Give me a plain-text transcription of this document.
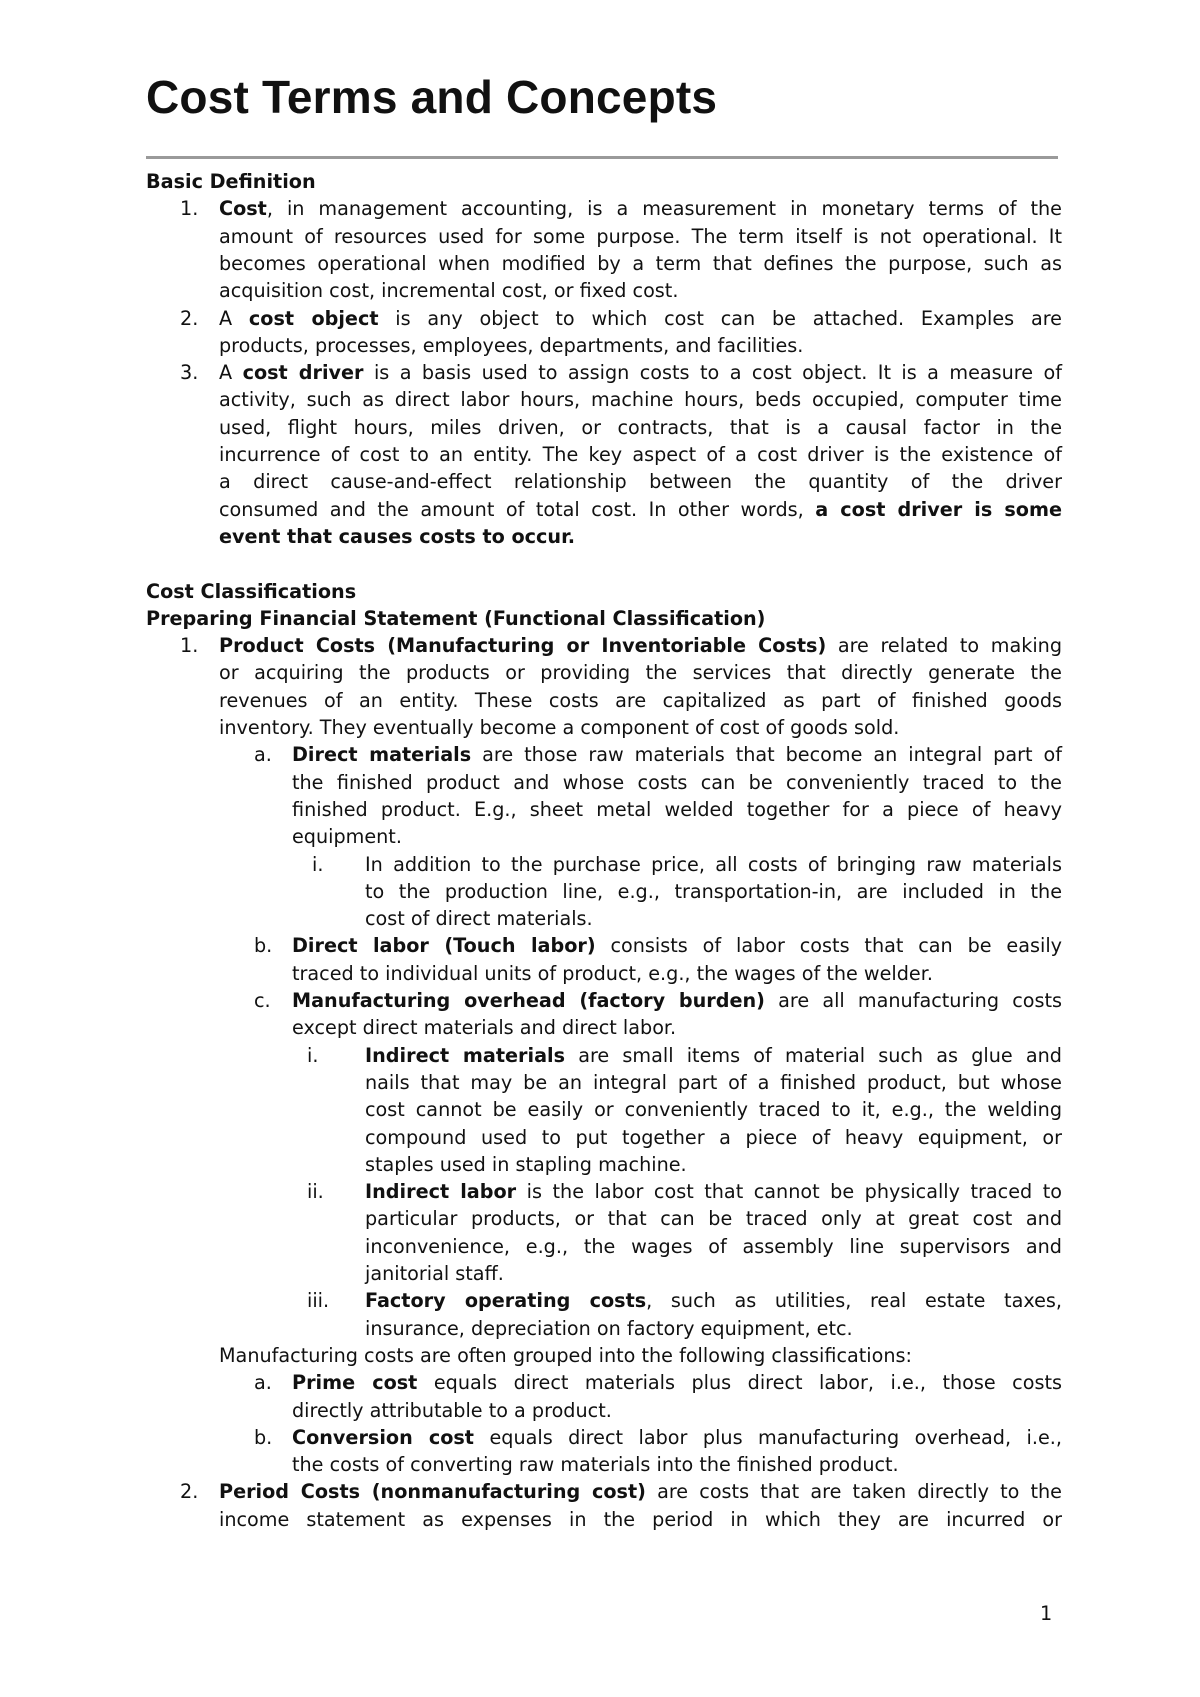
Cost Terms and Concepts
Basic Definition
1. Cost, in management accounting, is a measurement in monetary terms of the
amount of resources used for some purpose. The term itself is not operational. It
becomes operational when modified by a term that defines the purpose, such as
acquisition cost, incremental cost, or fixed cost.
2. A cost object is any object to which cost can be attached. Examples are
products, processes, employees, departments, and facilities.
3. A cost driver is a basis used to assign costs to a cost object. It is a measure of
activity, such as direct labor hours, machine hours, beds occupied, computer time
used, flight hours, miles driven, or contracts, that is a causal factor in the
incurrence of cost to an entity. The key aspect of a cost driver is the existence of
a direct cause-and-effect relationship between the quantity of the driver
consumed and the amount of total cost. In other words, a cost driver is some
event that causes costs to occur.
Cost Classifications
Preparing Financial Statement (Functional Classification)
1. Product Costs (Manufacturing or Inventoriable Costs) are related to making
or acquiring the products or providing the services that directly generate the
revenues of an entity. These costs are capitalized as part of finished goods
inventory. They eventually become a component of cost of goods sold.
a. Direct materials are those raw materials that become an integral part of
the finished product and whose costs can be conveniently traced to the
finished product. E.g., sheet metal welded together for a piece of heavy
equipment.
i. In addition to the purchase price, all costs of bringing raw materials
to the production line, e.g., transportation-in, are included in the
cost of direct materials.
b. Direct labor (Touch labor) consists of labor costs that can be easily
traced to individual units of product, e.g., the wages of the welder.
c. Manufacturing overhead (factory burden) are all manufacturing costs
except direct materials and direct labor.
i. Indirect materials are small items of material such as glue and
nails that may be an integral part of a finished product, but whose
cost cannot be easily or conveniently traced to it, e.g., the welding
compound used to put together a piece of heavy equipment, or
staples used in stapling machine.
ii. Indirect labor is the labor cost that cannot be physically traced to
particular products, or that can be traced only at great cost and
inconvenience, e.g., the wages of assembly line supervisors and
janitorial staff.
iii. Factory operating costs, such as utilities, real estate taxes,
insurance, depreciation on factory equipment, etc.
Manufacturing costs are often grouped into the following classifications:
a. Prime cost equals direct materials plus direct labor, i.e., those costs
directly attributable to a product.
b. Conversion cost equals direct labor plus manufacturing overhead, i.e.,
the costs of converting raw materials into the finished product.
2. Period Costs (nonmanufacturing cost) are costs that are taken directly to the
income statement as expenses in the period in which they are incurred or
1
